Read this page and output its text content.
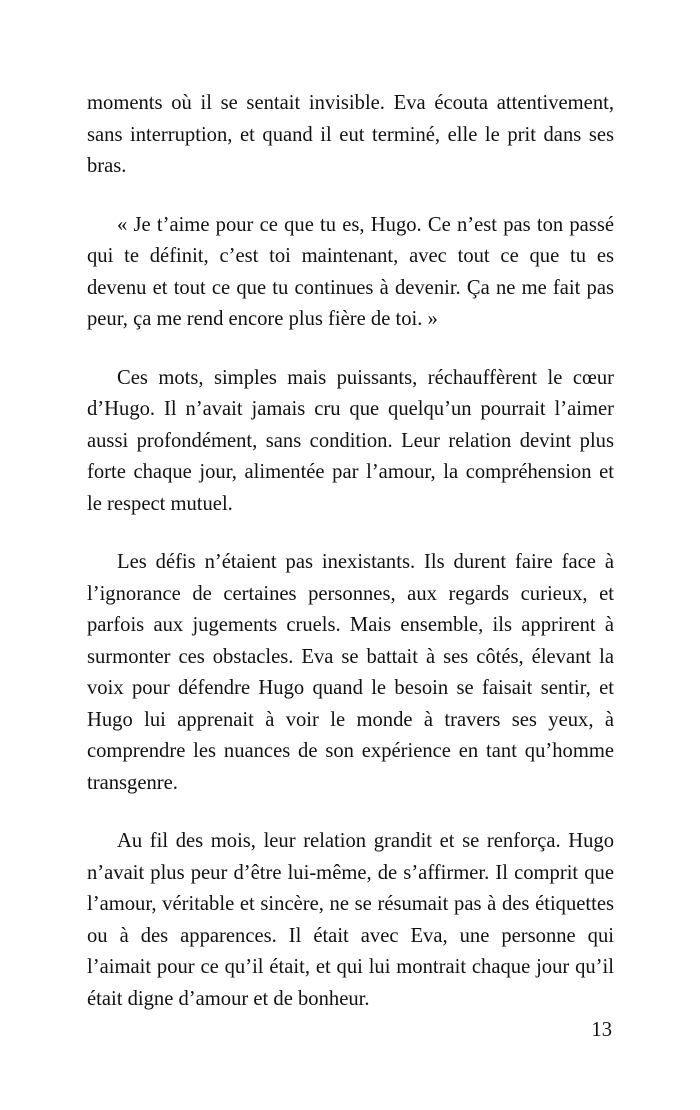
moments où il se sentait invisible. Eva écouta attentivement, sans interruption, et quand il eut terminé, elle le prit dans ses bras.

« Je t’aime pour ce que tu es, Hugo. Ce n’est pas ton passé qui te définit, c’est toi maintenant, avec tout ce que tu es devenu et tout ce que tu continues à devenir. Ça ne me fait pas peur, ça me rend encore plus fière de toi. »

Ces mots, simples mais puissants, réchauffèrent le cœur d’Hugo. Il n’avait jamais cru que quelqu’un pourrait l’aimer aussi profondément, sans condition. Leur relation devint plus forte chaque jour, alimentée par l’amour, la compréhension et le respect mutuel.

Les défis n’étaient pas inexistants. Ils durent faire face à l’ignorance de certaines personnes, aux regards curieux, et parfois aux jugements cruels. Mais ensemble, ils apprirent à surmonter ces obstacles. Eva se battait à ses côtés, élevant la voix pour défendre Hugo quand le besoin se faisait sentir, et Hugo lui apprenait à voir le monde à travers ses yeux, à comprendre les nuances de son expérience en tant qu’homme transgenre.

Au fil des mois, leur relation grandit et se renforça. Hugo n’avait plus peur d’être lui-même, de s’affirmer. Il comprit que l’amour, véritable et sincère, ne se résumait pas à des étiquettes ou à des apparences. Il était avec Eva, une personne qui l’aimait pour ce qu’il était, et qui lui montrait chaque jour qu’il était digne d’amour et de bonheur.

13
